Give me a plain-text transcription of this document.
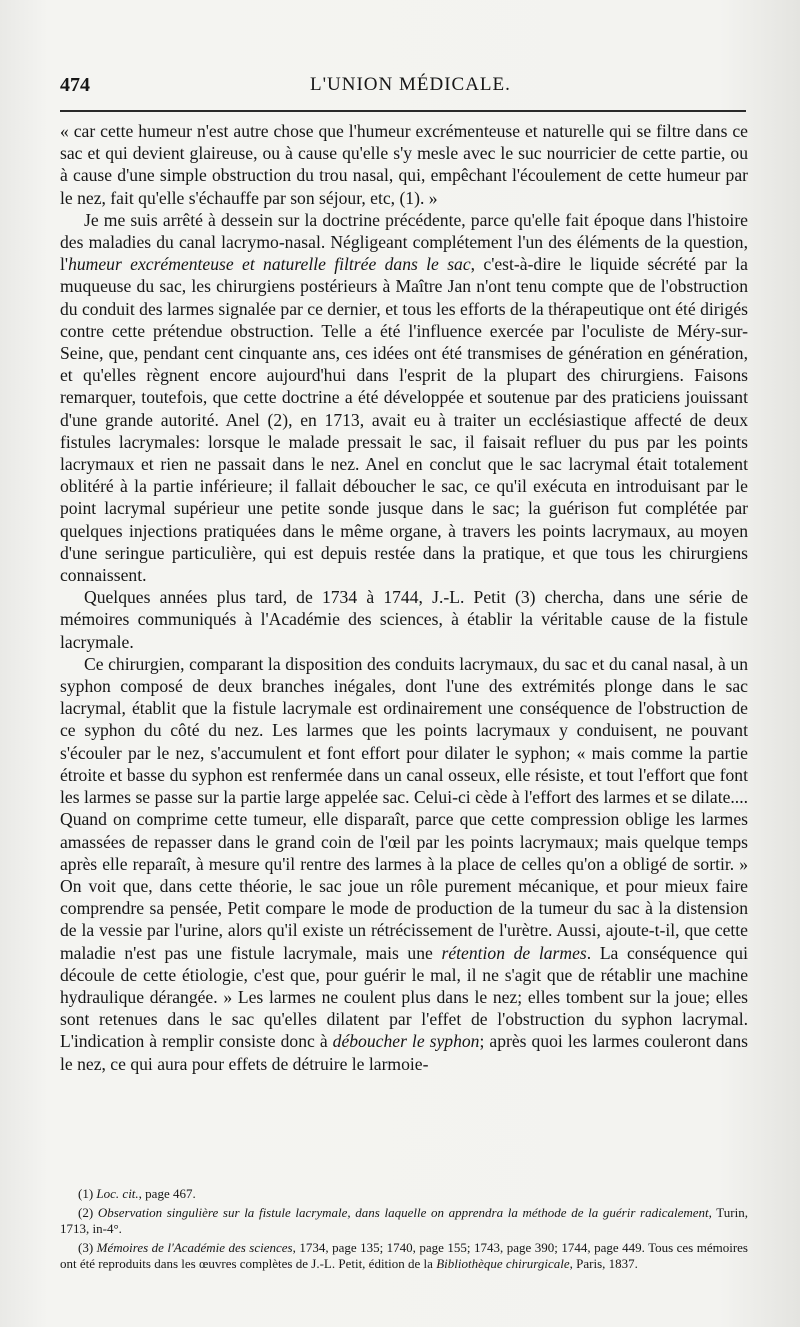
474	L'UNION MÉDICALE.

« car cette humeur n'est autre chose que l'humeur excrémenteuse et naturelle qui se filtre dans ce sac et qui devient glaireuse, ou à cause qu'elle s'y mesle avec le suc nourricier de cette partie, ou à cause d'une simple obstruction du trou nasal, qui, empêchant l'écoulement de cette humeur par le nez, fait qu'elle s'échauffe par son séjour, etc, (1). »

Je me suis arrêté à dessein sur la doctrine précédente, parce qu'elle fait époque dans l'histoire des maladies du canal lacrymo-nasal. Négligeant complétement l'un des éléments de la question, l'humeur excrémenteuse et naturelle filtrée dans le sac, c'est-à-dire le liquide sécrété par la muqueuse du sac, les chirurgiens postérieurs à Maître Jan n'ont tenu compte que de l'obstruction du conduit des larmes signalée par ce dernier, et tous les efforts de la thérapeutique ont été dirigés contre cette prétendue obstruction. Telle a été l'influence exercée par l'oculiste de Méry-sur-Seine, que, pendant cent cinquante ans, ces idées ont été transmises de génération en génération, et qu'elles règnent encore aujourd'hui dans l'esprit de la plupart des chirurgiens. Faisons remarquer, toutefois, que cette doctrine a été développée et soutenue par des praticiens jouissant d'une grande autorité. Anel (2), en 1713, avait eu à traiter un ecclésiastique affecté de deux fistules lacrymales: lorsque le malade pressait le sac, il faisait refluer du pus par les points lacrymaux et rien ne passait dans le nez. Anel en conclut que le sac lacrymal était totalement oblitéré à la partie inférieure; il fallait déboucher le sac, ce qu'il exécuta en introduisant par le point lacrymal supérieur une petite sonde jusque dans le sac; la guérison fut complétée par quelques injections pratiquées dans le même organe, à travers les points lacrymaux, au moyen d'une seringue particulière, qui est depuis restée dans la pratique, et que tous les chirurgiens connaissent.

Quelques années plus tard, de 1734 à 1744, J.-L. Petit (3) chercha, dans une série de mémoires communiqués à l'Académie des sciences, à établir la véritable cause de la fistule lacrymale.

Ce chirurgien, comparant la disposition des conduits lacrymaux, du sac et du canal nasal, à un syphon composé de deux branches inégales, dont l'une des extrémités plonge dans le sac lacrymal, établit que la fistule lacrymale est ordinairement une conséquence de l'obstruction de ce syphon du côté du nez. Les larmes que les points lacrymaux y conduisent, ne pouvant s'écouler par le nez, s'accumulent et font effort pour dilater le syphon; « mais comme la partie étroite et basse du syphon est renfermée dans un canal osseux, elle résiste, et tout l'effort que font les larmes se passe sur la partie large appelée sac. Celui-ci cède à l'effort des larmes et se dilate.... Quand on comprime cette tumeur, elle disparaît, parce que cette compression oblige les larmes amassées de repasser dans le grand coin de l'œil par les points lacrymaux; mais quelque temps après elle reparaît, à mesure qu'il rentre des larmes à la place de celles qu'on a obligé de sortir. » On voit que, dans cette théorie, le sac joue un rôle purement mécanique, et pour mieux faire comprendre sa pensée, Petit compare le mode de production de la tumeur du sac à la distension de la vessie par l'urine, alors qu'il existe un rétrécissement de l'urètre. Aussi, ajoute-t-il, que cette maladie n'est pas une fistule lacrymale, mais une rétention de larmes. La conséquence qui découle de cette étiologie, c'est que, pour guérir le mal, il ne s'agit que de rétablir une machine hydraulique dérangée. » Les larmes ne coulent plus dans le nez; elles tombent sur la joue; elles sont retenues dans le sac qu'elles dilatent par l'effet de l'obstruction du syphon lacrymal. L'indication à remplir consiste donc à déboucher le syphon; après quoi les larmes couleront dans le nez, ce qui aura pour effets de détruire le larmoie-

(1) Loc. cit., page 467.

(2) Observation singulière sur la fistule lacrymale, dans laquelle on apprendra la méthode de la guérir radicalement, Turin, 1713, in-4°.

(3) Mémoires de l'Académie des sciences, 1734, page 135; 1740, page 155; 1743, page 390; 1744, page 449. Tous ces mémoires ont été reproduits dans les œuvres complètes de J.-L. Petit, édition de la Bibliothèque chirurgicale, Paris, 1837.
